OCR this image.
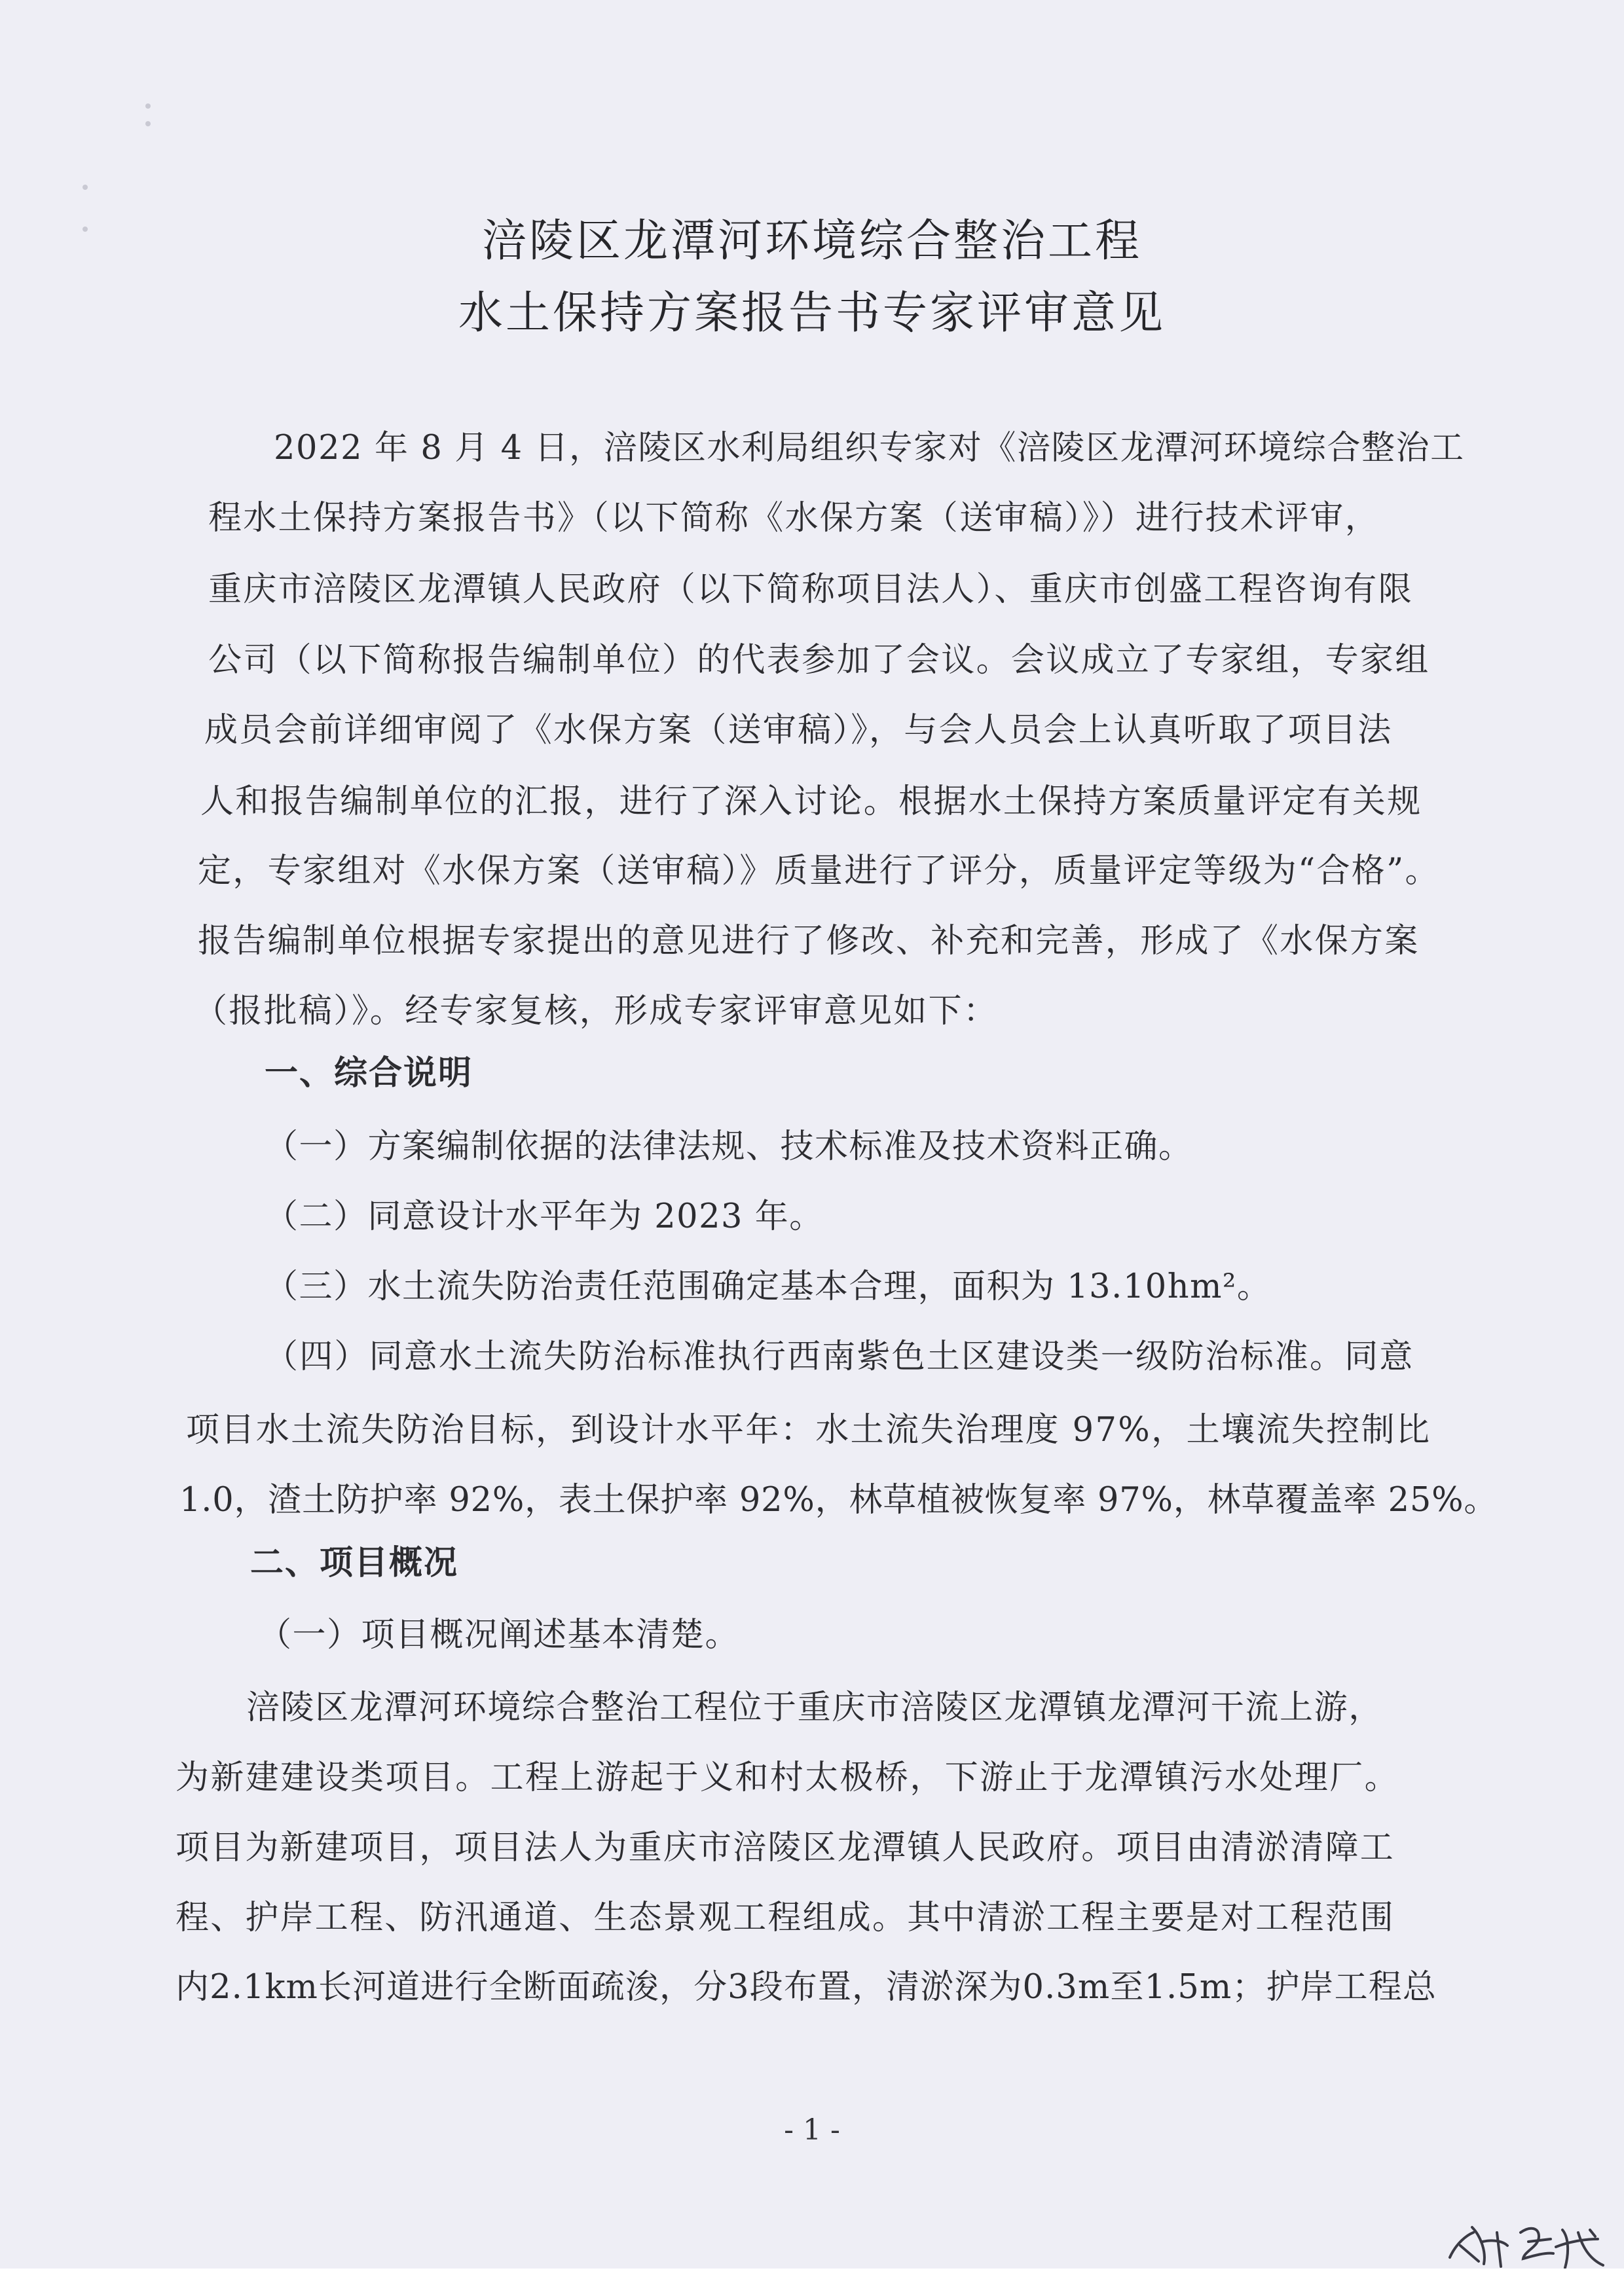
涪陵区龙潭河环境综合整治工程
水土保持方案报告书专家评审意见
2022 年 8 月 4 日，涪陵区水利局组织专家对《涪陵区龙潭河环境综合整治工
程水土保持方案报告书》（以下简称《水保方案（送审稿）》）进行技术评审，
重庆市涪陵区龙潭镇人民政府（以下简称项目法人）、重庆市创盛工程咨询有限
公司（以下简称报告编制单位）的代表参加了会议。会议成立了专家组，专家组
成员会前详细审阅了《水保方案（送审稿）》，与会人员会上认真听取了项目法
人和报告编制单位的汇报，进行了深入讨论。根据水土保持方案质量评定有关规
定，专家组对《水保方案（送审稿）》质量进行了评分，质量评定等级为“合格”。
报告编制单位根据专家提出的意见进行了修改、补充和完善，形成了《水保方案
（报批稿）》。经专家复核，形成专家评审意见如下：
一、综合说明
（一）方案编制依据的法律法规、技术标准及技术资料正确。
（二）同意设计水平年为 2023 年。
（三）水土流失防治责任范围确定基本合理，面积为 13.10hm²。
（四）同意水土流失防治标准执行西南紫色土区建设类一级防治标准。同意
项目水土流失防治目标，到设计水平年：水土流失治理度 97%，土壤流失控制比
1.0，渣土防护率 92%，表土保护率 92%，林草植被恢复率 97%，林草覆盖率 25%。
二、项目概况
（一）项目概况阐述基本清楚。
涪陵区龙潭河环境综合整治工程位于重庆市涪陵区龙潭镇龙潭河干流上游，
为新建建设类项目。工程上游起于义和村太极桥，下游止于龙潭镇污水处理厂。
项目为新建项目，项目法人为重庆市涪陵区龙潭镇人民政府。项目由清淤清障工
程、护岸工程、防汛通道、生态景观工程组成。其中清淤工程主要是对工程范围
内2.1km长河道进行全断面疏浚，分3段布置，清淤深为0.3m至1.5m；护岸工程总
- 1 -
